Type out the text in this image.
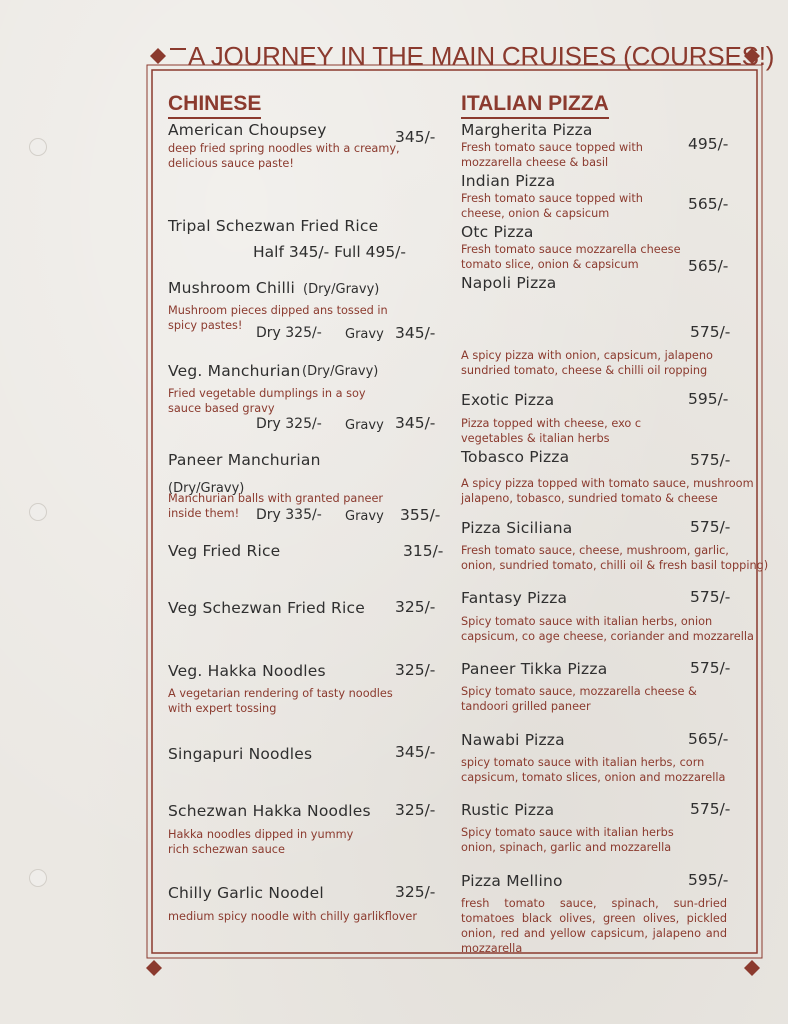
A JOURNEY IN THE MAIN CRUISES (COURSES!)
CHINESE
American Choupsey	345/-
deep fried spring noodles with a creamy,
delicious sauce paste!
Tripal Schezwan Fried Rice
Half 345/- Full 495/-
Mushroom Chilli (Dry/Gravy)
Mushroom pieces dipped ans tossed in
spicy pastes! Dry 325/- Gravy 345/-
Veg. Manchurian (Dry/Gravy)
Fried vegetable dumplings in a soy
sauce based gravy
Dry 325/- Gravy 345/-
Paneer Manchurian
(Dry/Gravy)
Manchurian balls with granted paneer
inside them!	Dry 335/- Gravy 355/-
Veg Fried Rice	315/-
Veg Schezwan Fried Rice 325/-
Veg. Hakka Noodles	325/-
A vegetarian rendering of tasty noodles
with expert tossing
Singapuri Noodles	345/-
Schezwan Hakka Noodles 325/-
Hakka noodles dipped in yummy
rich schezwan sauce
Chilly Garlic Noodel	325/-
medium spicy noodle with chilly garlikflover
ITALIAN PIZZA
Margherita Pizza
495/-
Fresh tomato sauce topped with
mozzarella cheese & basil
Indian Pizza
565/-
Fresh tomato sauce topped with
cheese, onion & capsicum
Otc Pizza
565/-
Fresh tomato sauce mozzarella cheese
tomato slice, onion & capsicum
Napoli Pizza
575/-
A spicy pizza with onion, capsicum, jalapeno
sundried tomato, cheese & chilli oil ropping
Exotic Pizza	595/-
Pizza topped with cheese, exo c
vegetables & italian herbs
Tobasco Pizza	575/-
A spicy pizza topped with tomato sauce, mushroom
jalapeno, tobasco, sundried tomato & cheese
Pizza Siciliana	575/-
Fresh tomato sauce, cheese, mushroom, garlic,
onion, sundried tomato, chilli oil & fresh basil topping)
Fantasy Pizza	575/-
Spicy tomato sauce with italian herbs, onion
capsicum, co age cheese, coriander and mozzarella
Paneer Tikka Pizza	575/-
Spicy tomato sauce, mozzarella cheese &
tandoori grilled paneer
Nawabi Pizza	565/-
spicy tomato sauce with italian herbs, corn
capsicum, tomato slices, onion and mozzarella
Rustic Pizza	575/-
Spicy tomato sauce with italian herbs
onion, spinach, garlic and mozzarella
Pizza Mellino	595/-
fresh tomato sauce, spinach, sun-dried
tomatoes black olives, green olives, pickled
onion, red and yellow capsicum, jalapeno and
mozzarella
